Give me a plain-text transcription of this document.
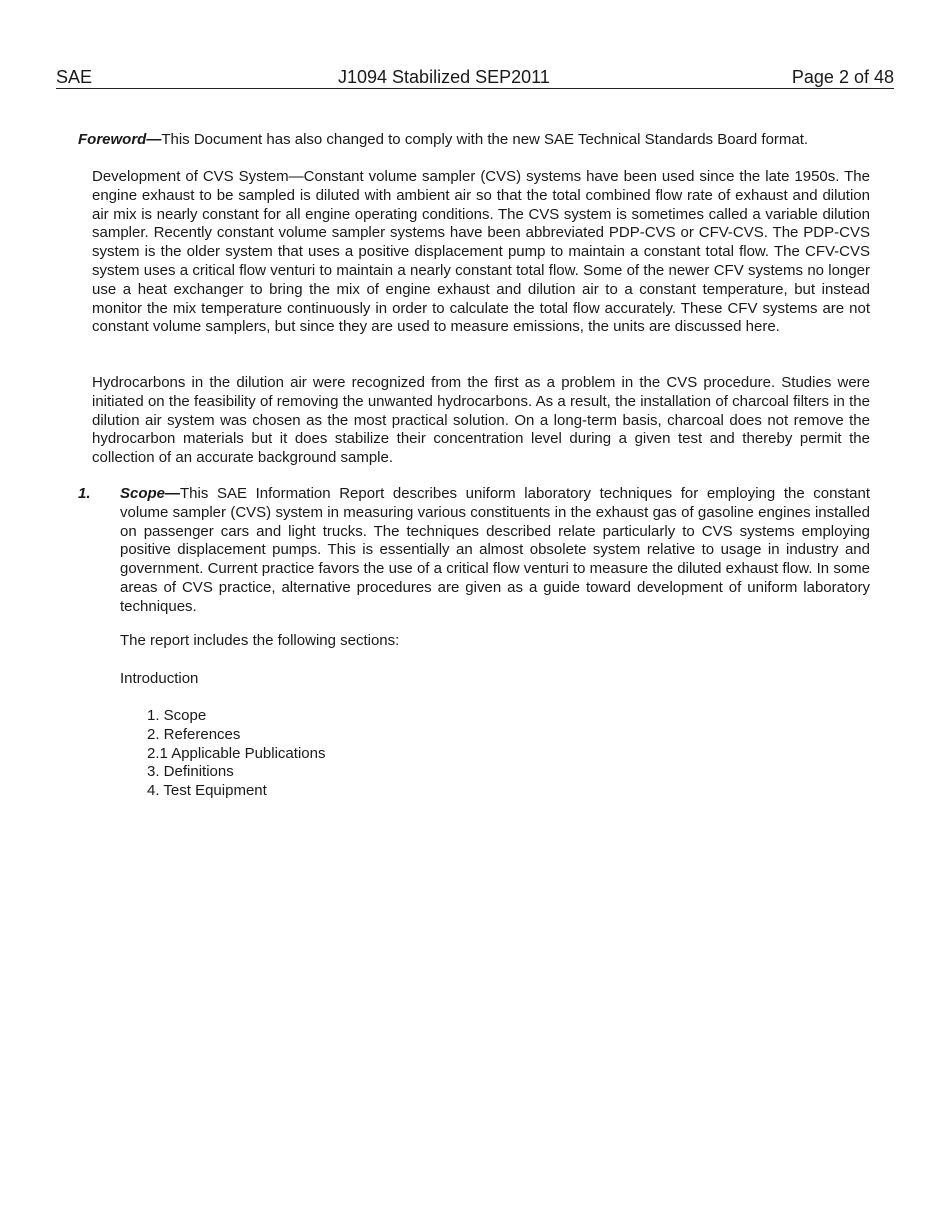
SAE	J1094 Stabilized SEP2011	Page 2 of 48

Foreword—This Document has also changed to comply with the new SAE Technical Standards Board format.

Development of CVS System—Constant volume sampler (CVS) systems have been used since the late 1950s. The engine exhaust to be sampled is diluted with ambient air so that the total combined flow rate of exhaust and dilution air mix is nearly constant for all engine operating conditions. The CVS system is sometimes called a variable dilution sampler. Recently constant volume sampler systems have been abbreviated PDP-CVS or CFV-CVS. The PDP-CVS system is the older system that uses a positive displacement pump to maintain a constant total flow. The CFV-CVS system uses a critical flow venturi to maintain a nearly constant total flow. Some of the newer CFV systems no longer use a heat exchanger to bring the mix of engine exhaust and dilution air to a constant temperature, but instead monitor the mix temperature continuously in order to calculate the total flow accurately. These CFV systems are not constant volume samplers, but since they are used to measure emissions, the units are discussed here.

Hydrocarbons in the dilution air were recognized from the first as a problem in the CVS procedure. Studies were initiated on the feasibility of removing the unwanted hydrocarbons. As a result, the installation of charcoal filters in the dilution air system was chosen as the most practical solution. On a long-term basis, charcoal does not remove the hydrocarbon materials but it does stabilize their concentration level during a given test and thereby permit the collection of an accurate background sample.

1. Scope—This SAE Information Report describes uniform laboratory techniques for employing the constant volume sampler (CVS) system in measuring various constituents in the exhaust gas of gasoline engines installed on passenger cars and light trucks. The techniques described relate particularly to CVS systems employing positive displacement pumps. This is essentially an almost obsolete system relative to usage in industry and government. Current practice favors the use of a critical flow venturi to measure the diluted exhaust flow. In some areas of CVS practice, alternative procedures are given as a guide toward development of uniform laboratory techniques.

The report includes the following sections:

Introduction

1. Scope
2. References
2.1 Applicable Publications
3. Definitions
4. Test Equipment
